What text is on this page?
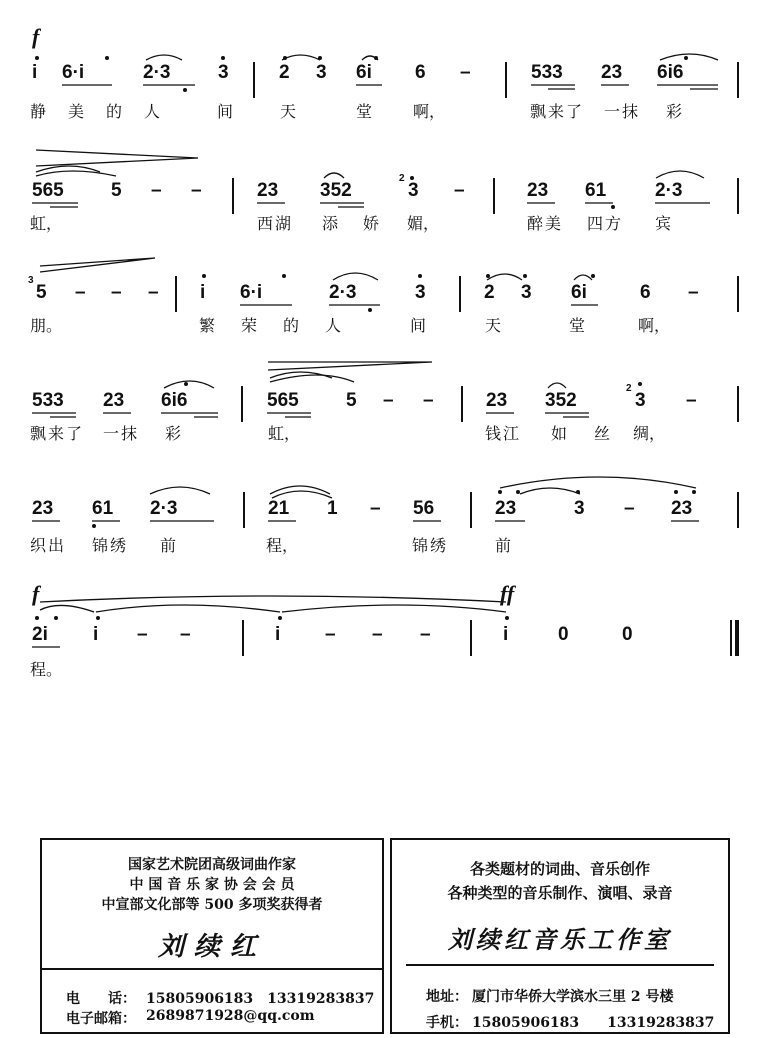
f
f	ff
i 6·i	2·3	3	2 3 6i 6 –	533 23 6i6
静美的人 间	天	堂	啊，	飘来了 一抹 彩
565 5 – –	23 352
2
3 –	23 61	2·3
虹，	西湖 添 娇 媚，	醉美 四方 宾
3
5 – – – i 6·i	2·3	3	2 3 6i	6 –
朋。	繁荣的人	间	天	堂	啊，
533 23 6i6	565 5 – –	23 352
2
3 –
飘来了 一抹 彩	虹，	钱江 如 丝 绸，
23 61 2·3	21 1 – 56	23	3 – 23
织出 锦绣 前	程，	锦绣	前
2i i – –	i – – –	i	0	0
程。
国家艺术院团高级词曲作家
中 国 音 乐 家 协 会 会 员
中宣部文化部等 500 多项奖获得者
刘续红
电　　话： 15805906183　13319283837
电子邮箱： 2689871928@qq.com
各类题材的词曲、音乐创作
各种类型的音乐制作、演唱、录音
刘续红音乐工作室
地址： 厦门市华侨大学滨水三里 2 号楼
手机： 15805906183　　13319283837
